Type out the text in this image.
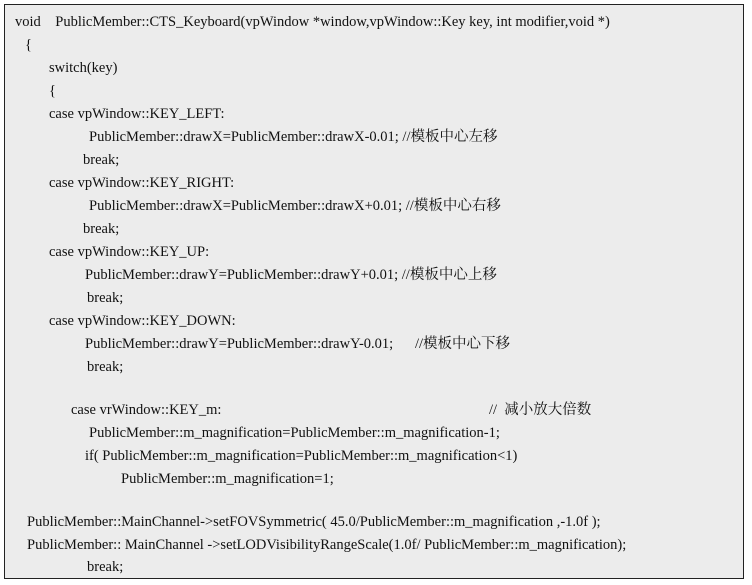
void    PublicMember::CTS_Keyboard(vpWindow *window,vpWindow::Key key, int modifier,void *)
{
switch(key)
{
case vpWindow::KEY_LEFT:
PublicMember::drawX=PublicMember::drawX-0.01; //模板中心左移
break;
case vpWindow::KEY_RIGHT:
PublicMember::drawX=PublicMember::drawX+0.01; //模板中心右移
break;
case vpWindow::KEY_UP:
PublicMember::drawY=PublicMember::drawY+0.01; //模板中心上移
break;
case vpWindow::KEY_DOWN:
PublicMember::drawY=PublicMember::drawY-0.01;      //模板中心下移
break;
case vrWindow::KEY_m:	//  减小放大倍数
PublicMember::m_magnification=PublicMember::m_magnification-1;
if( PublicMember::m_magnification=PublicMember::m_magnification<1)
PublicMember::m_magnification=1;
PublicMember::MainChannel->setFOVSymmetric( 45.0/PublicMember::m_magnification ,-1.0f );
PublicMember:: MainChannel ->setLODVisibilityRangeScale(1.0f/ PublicMember::m_magnification);
break;
